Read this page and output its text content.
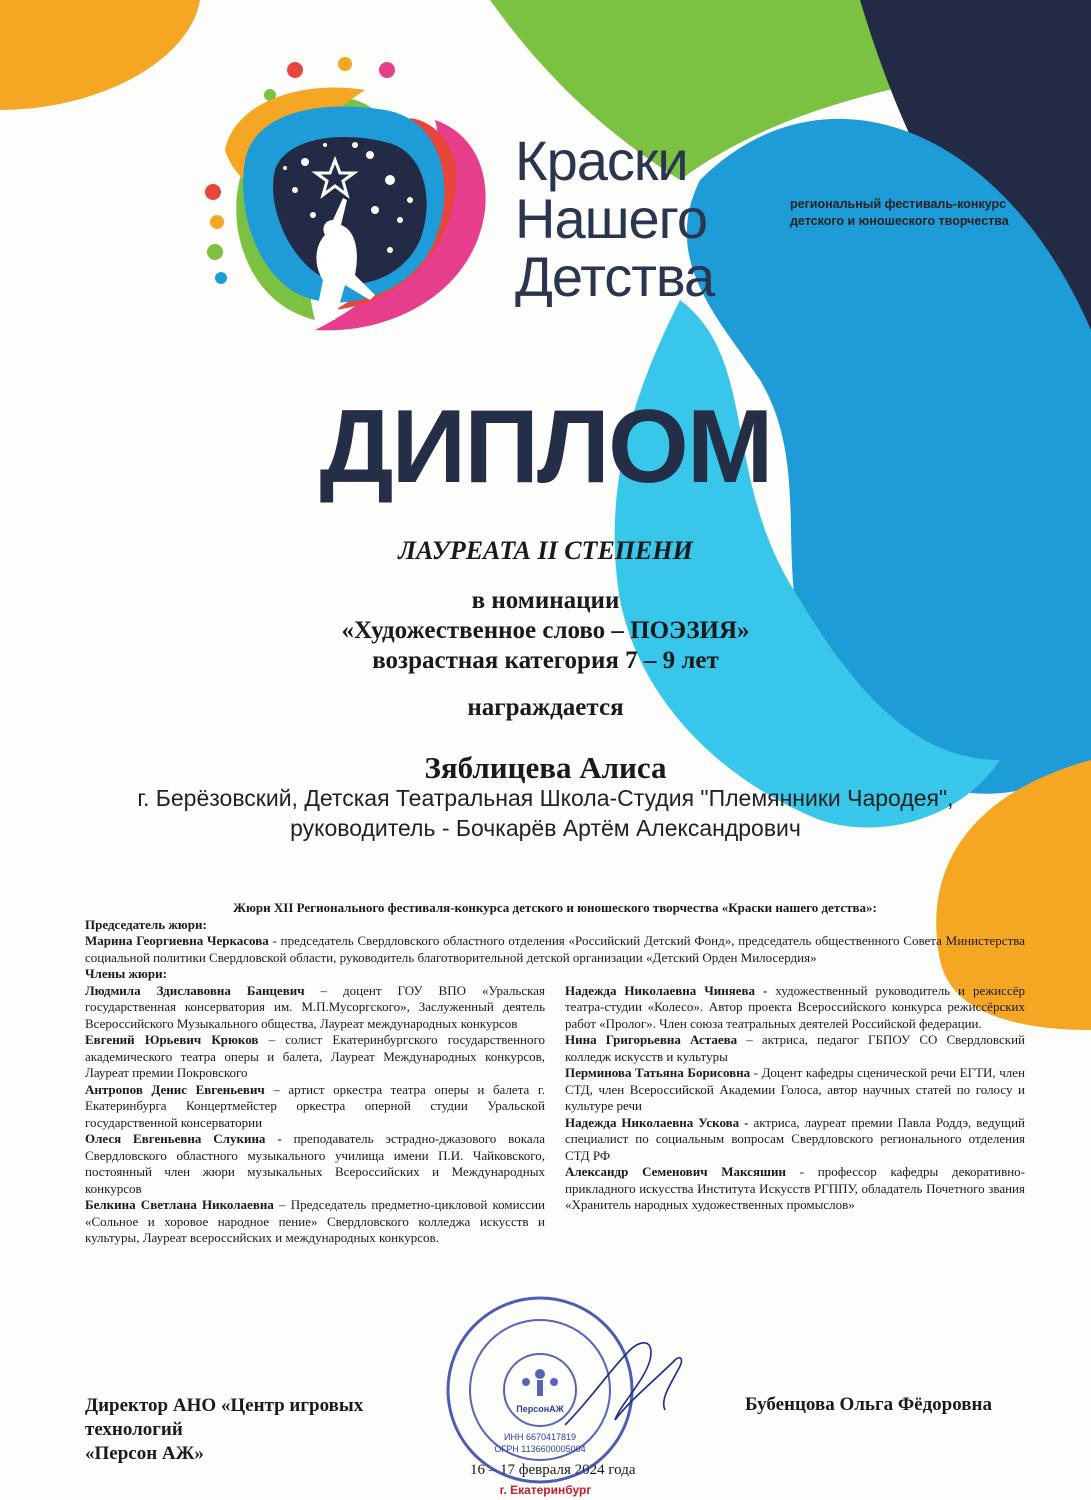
Краски
Нашего
Детства
региональный фестиваль-конкурс
детского и юношеского творчества
ДИПЛОМ
ЛАУРЕАТА II СТЕПЕНИ
в номинации
«Художественное слово – ПОЭЗИЯ»
возрастная категория 7 – 9 лет
награждается
Зяблицева Алиса
г. Берёзовский, Детская Театральная Школа-Студия "Племянники Чародея",
руководитель - Бочкарёв Артём Александрович

Жюри XII Регионального фестиваля-конкурса детского и юношеского творчества «Краски нашего детства»:

Председатель жюри:

Марина Георгиевна Черкасова - председатель Свердловского областного отделения «Российский Детский Фонд», председатель общественного Совета Министерства социальной политики Свердловской области, руководитель благотворительной детской организации «Детский Орден Милосердия»

Члены жюри:

Людмила Здиславовна Банцевич – доцент ГОУ ВПО «Уральская государственная консерватория им. М.П.Мусоргского», Заслуженный деятель Всероссийского Музыкального общества, Лауреат международных конкурсов

Евгений Юрьевич Крюков – солист Екатеринбургского государственного академического театра оперы и балета, Лауреат Международных конкурсов, Лауреат премии Покровского

Антропов Денис Евгеньевич – артист оркестра театра оперы и балета г. Екатеринбурга Концертмейстер оркестра оперной студии Уральской государственной консерватории

Олеся Евгеньевна Слукина - преподаватель эстрадно-джазового вокала Свердловского областного музыкального училища имени П.И. Чайковского, постоянный член жюри музыкальных Всероссийских и Международных конкурсов

Белкина Светлана Николаевна – Председатель предметно-цикловой комиссии «Сольное и хоровое народное пение» Свердловского колледжа искусств и культуры, Лауреат всероссийских и международных конкурсов.

Надежда Николаевна Чиняева - художественный руководитель и режиссёр театра-студии «Колесо». Автор проекта Всероссийского конкурса режиссёрских работ «Пролог». Член союза театральных деятелей Российской федерации.

Нина Григорьевна Астаева – актриса, педагог ГБПОУ СО Свердловский колледж искусств и культуры

Перминова Татьяна Борисовна - Доцент кафедры сценической речи ЕГТИ, член СТД, член Всероссийской Академии Голоса, автор научных статей по голосу и культуре речи

Надежда Николаевна Ускова - актриса, лауреат премии Павла Роддэ, ведущий специалист по социальным вопросам Свердловского регионального отделения СТД РФ

Александр Семенович Максяшин - профессор кафедры декоративно-прикладного искусства Института Искусств РГППУ, обладатель Почетного звания «Хранитель народных художественных промыслов»

Директор АНО «Центр игровых
технологий
«Персон АЖ»
Бубенцова Ольга Фёдоровна
16 – 17 февраля 2024 года
г. Екатеринбург
ПерсонАЖ
ИНН 6670417819
ОГРН 1136600005004
